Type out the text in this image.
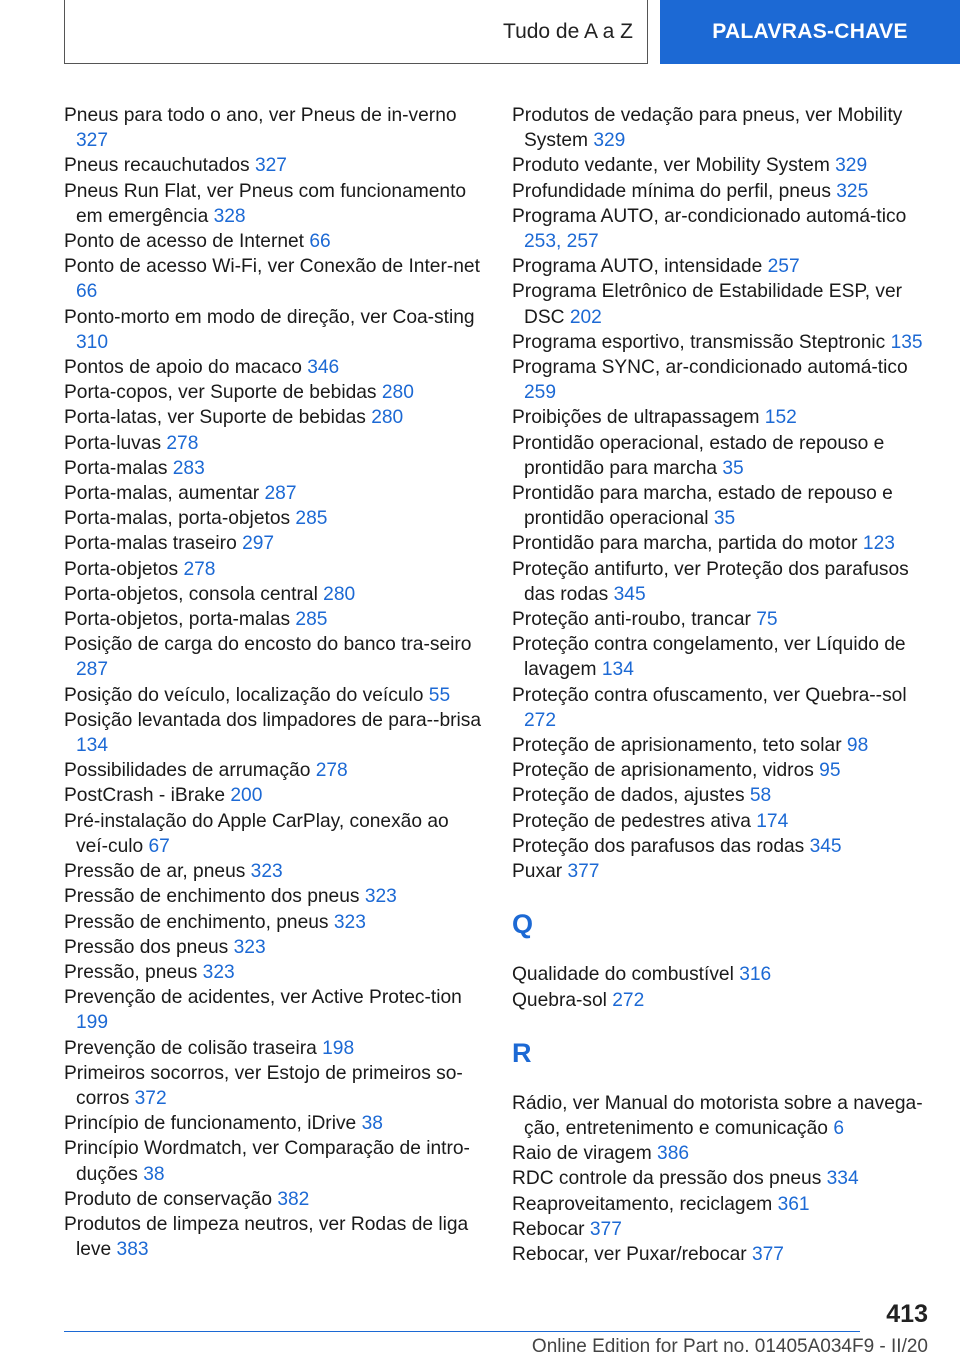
Tudo de A a Z	PALAVRAS-CHAVE
Pneus para todo o ano, ver Pneus de in-verno 327
Pneus recauchutados 327
Pneus Run Flat, ver Pneus com funcionamento em emergência 328
Ponto de acesso de Internet 66
Ponto de acesso Wi-Fi, ver Conexão de Inter-net 66
Ponto-morto em modo de direção, ver Coa-sting 310
Pontos de apoio do macaco 346
Porta-copos, ver Suporte de bebidas 280
Porta-latas, ver Suporte de bebidas 280
Porta-luvas 278
Porta-malas 283
Porta-malas, aumentar 287
Porta-malas, porta-objetos 285
Porta-malas traseiro 297
Porta-objetos 278
Porta-objetos, consola central 280
Porta-objetos, porta-malas 285
Posição de carga do encosto do banco tra-seiro 287
Posição do veículo, localização do veículo 55
Posição levantada dos limpadores de para--brisa 134
Possibilidades de arrumação 278
PostCrash - iBrake 200
Pré-instalação do Apple CarPlay, conexão ao veí-culo 67
Pressão de ar, pneus 323
Pressão de enchimento dos pneus 323
Pressão de enchimento, pneus 323
Pressão dos pneus 323
Pressão, pneus 323
Prevenção de acidentes, ver Active Protec-tion 199
Prevenção de colisão traseira 198
Primeiros socorros, ver Estojo de primeiros so-corros 372
Princípio de funcionamento, iDrive 38
Princípio Wordmatch, ver Comparação de intro-duções 38
Produto de conservação 382
Produtos de limpeza neutros, ver Rodas de liga leve 383
Produtos de vedação para pneus, ver Mobility System 329
Produto vedante, ver Mobility System 329
Profundidade mínima do perfil, pneus 325
Programa AUTO, ar-condicionado automá-tico 253, 257
Programa AUTO, intensidade 257
Programa Eletrônico de Estabilidade ESP, ver DSC 202
Programa esportivo, transmissão Steptronic 135
Programa SYNC, ar-condicionado automá-tico 259
Proibições de ultrapassagem 152
Prontidão operacional, estado de repouso e prontidão para marcha 35
Prontidão para marcha, estado de repouso e prontidão operacional 35
Prontidão para marcha, partida do motor 123
Proteção antifurto, ver Proteção dos parafusos das rodas 345
Proteção anti-roubo, trancar 75
Proteção contra congelamento, ver Líquido de lavagem 134
Proteção contra ofuscamento, ver Quebra--sol 272
Proteção de aprisionamento, teto solar 98
Proteção de aprisionamento, vidros 95
Proteção de dados, ajustes 58
Proteção de pedestres ativa 174
Proteção dos parafusos das rodas 345
Puxar 377
Q
Qualidade do combustível 316
Quebra-sol 272
R
Rádio, ver Manual do motorista sobre a navega-ção, entretenimento e comunicação 6
Raio de viragem 386
RDC controle da pressão dos pneus 334
Reaproveitamento, reciclagem 361
Rebocar 377
Rebocar, ver Puxar/rebocar 377
413
Online Edition for Part no. 01405A034F9 - II/20
